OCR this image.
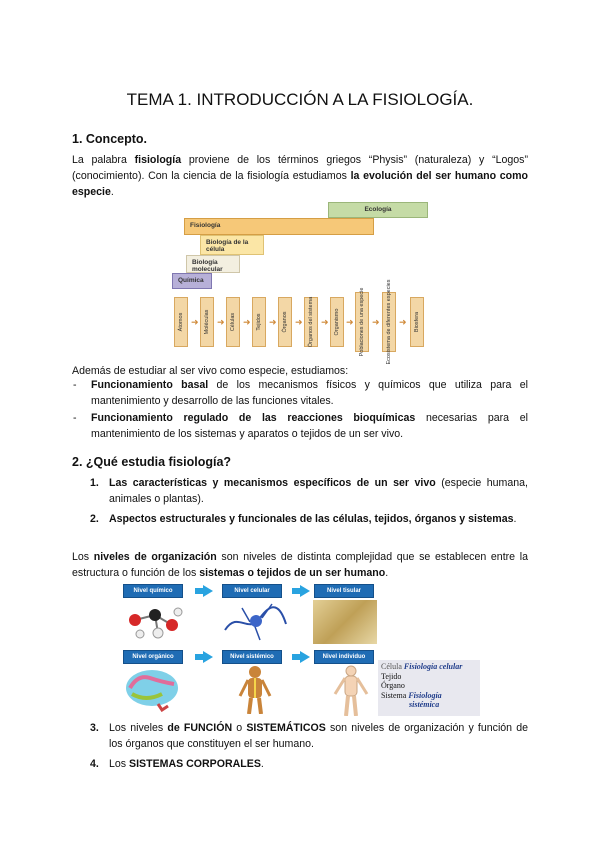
TEMA 1. INTRODUCCIÓN A LA FISIOLOGÍA.
1. Concepto.
La palabra fisiología proviene de los términos griegos “Physis” (naturaleza) y “Logos” (conocimiento). Con la ciencia de la fisiología estudiamos la evolución del ser humano como especie.
Ecología
Fisiología
Biología de la célula
Biología molecular
Química
Átomos ➜ Moléculas ➜ Células ➜ Tejidos ➜ Órganos ➜ Órganos del sistema ➜ Organismo ➜ Poblaciones de una especie ➜ Ecosistema de diferentes especies ➜ Biosfera
Además de estudiar al ser vivo como especie, estudiamos:
- Funcionamiento basal de los mecanismos físicos y químicos que utiliza para el mantenimiento y desarrollo de las funciones vitales.
- Funcionamiento regulado de las reacciones bioquímicas necesarias para el mantenimiento de los sistemas y aparatos o tejidos de un ser vivo.
2. ¿Qué estudia fisiología?
1. Las características y mecanismos específicos de un ser vivo (especie humana, animales o plantas).
2. Aspectos estructurales y funcionales de las células, tejidos, órganos y sistemas.
Los niveles de organización son niveles de distinta complejidad que se establecen entre la estructura o función de los sistemas o tejidos de un ser humano.
Nivel químico	Nivel celular	Nivel tisular
Nivel orgánico	Nivel sistémico	Nivel individuo
Célula Fisiología celular
Tejido
Órgano
Sistema Fisiología
sistémica
3. Los niveles de FUNCIÓN o SISTEMÁTICOS son niveles de organización y función de los órganos que constituyen el ser humano.
4. Los SISTEMAS CORPORALES.
